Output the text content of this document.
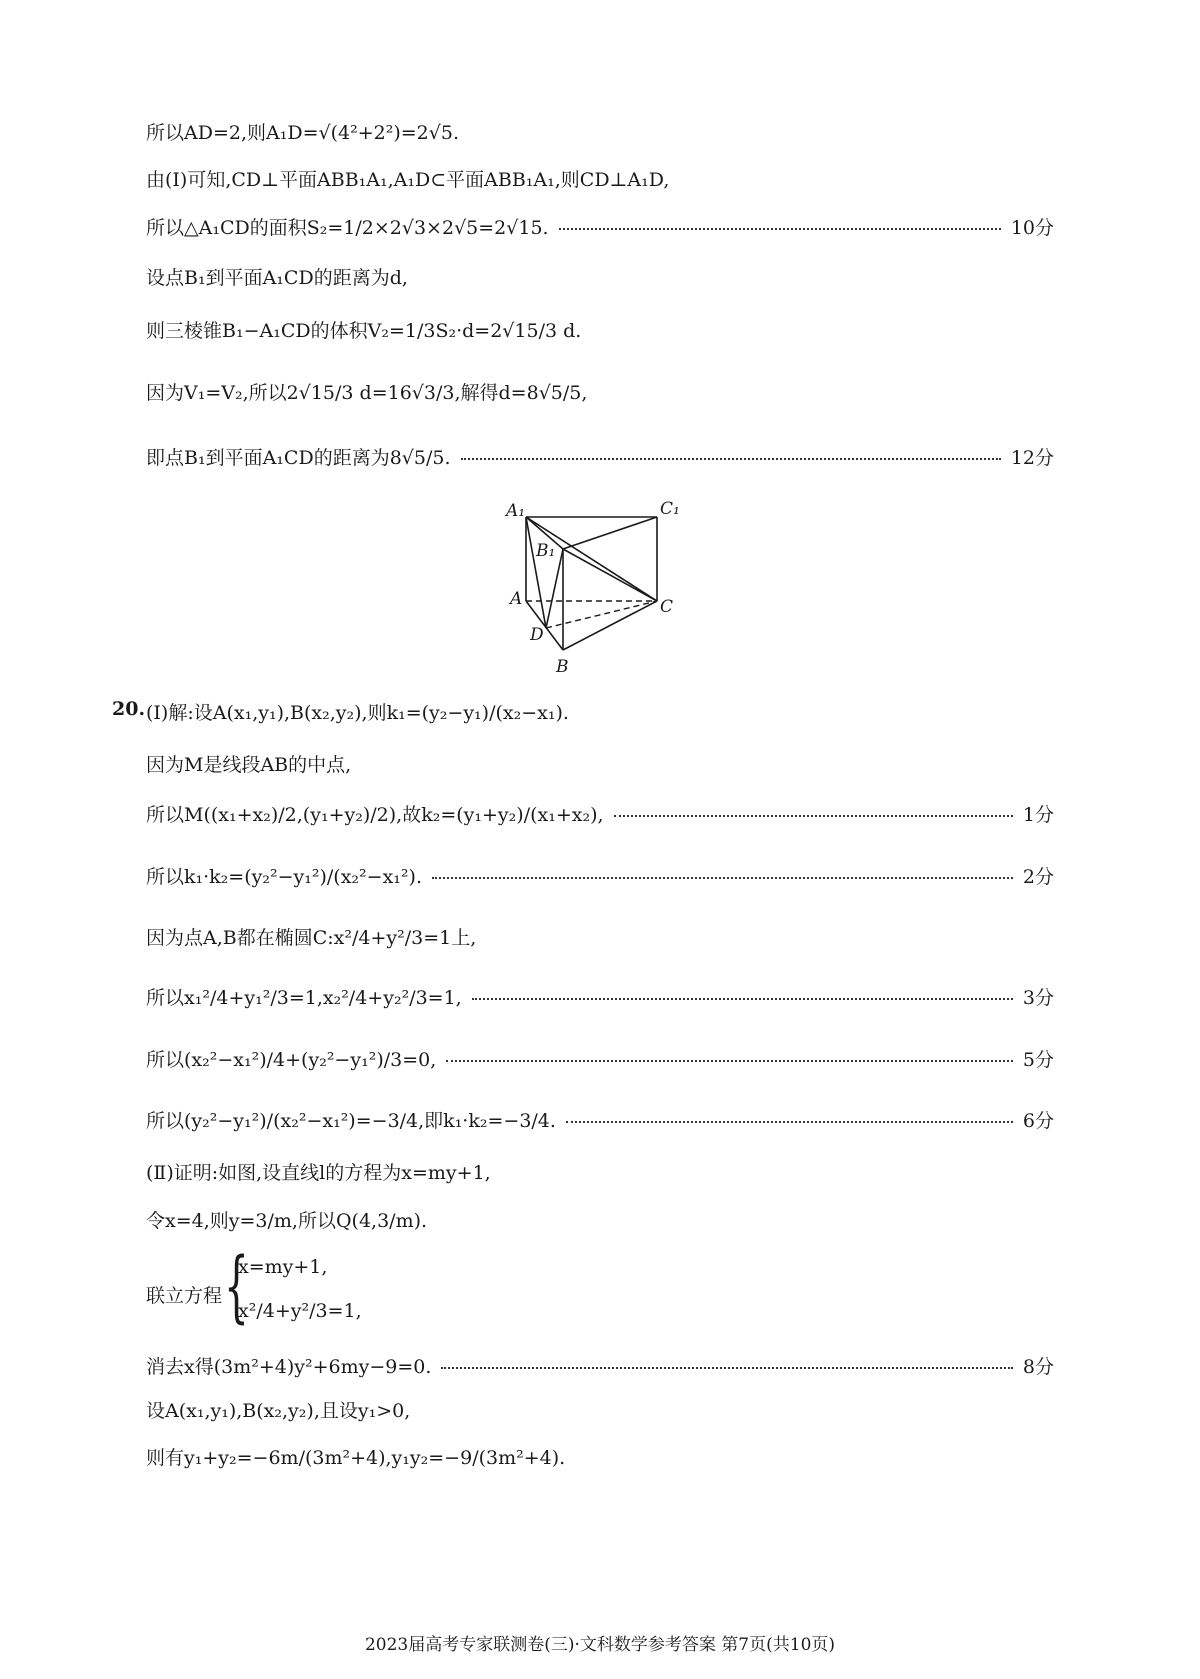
所以AD=2,则A₁D=√(4²+2²)=2√5.
由(Ⅰ)可知,CD⊥平面ABB₁A₁,A₁D⊂平面ABB₁A₁,则CD⊥A₁D,
所以△A₁CD的面积S₂=1/2×2√3×2√5=2√15.	10分
设点B₁到平面A₁CD的距离为d,
则三棱锥B₁−A₁CD的体积V₂=1/3S₂·d=2√15/3 d.
因为V₁=V₂,所以2√15/3 d=16√3/3,解得d=8√5/5,
即点B₁到平面A₁CD的距离为8√5/5.	12分
A₁	C₁
B₁
A	C
D
B
20. (Ⅰ)解:设A(x₁,y₁),B(x₂,y₂),则k₁=(y₂−y₁)/(x₂−x₁).
因为M是线段AB的中点,
所以M((x₁+x₂)/2,(y₁+y₂)/2),故k₂=(y₁+y₂)/(x₁+x₂),	1分
所以k₁·k₂=(y₂²−y₁²)/(x₂²−x₁²).	2分
因为点A,B都在椭圆C:x²/4+y²/3=1上,
所以x₁²/4+y₁²/3=1,x₂²/4+y₂²/3=1,	3分
所以(x₂²−x₁²)/4+(y₂²−y₁²)/3=0,	5分
所以(y₂²−y₁²)/(x₂²−x₁²)=−3/4,即k₁·k₂=−3/4.	6分
(Ⅱ)证明:如图,设直线l的方程为x=my+1,
令x=4,则y=3/m,所以Q(4,3/m).
联立方程 {
x=my+1,
x²/4+y²/3=1,
消去x得(3m²+4)y²+6my−9=0.	8分
设A(x₁,y₁),B(x₂,y₂),且设y₁>0,
则有y₁+y₂=−6m/(3m²+4),y₁y₂=−9/(3m²+4).
2023届高考专家联测卷(三)·文科数学参考答案 第7页(共10页)
